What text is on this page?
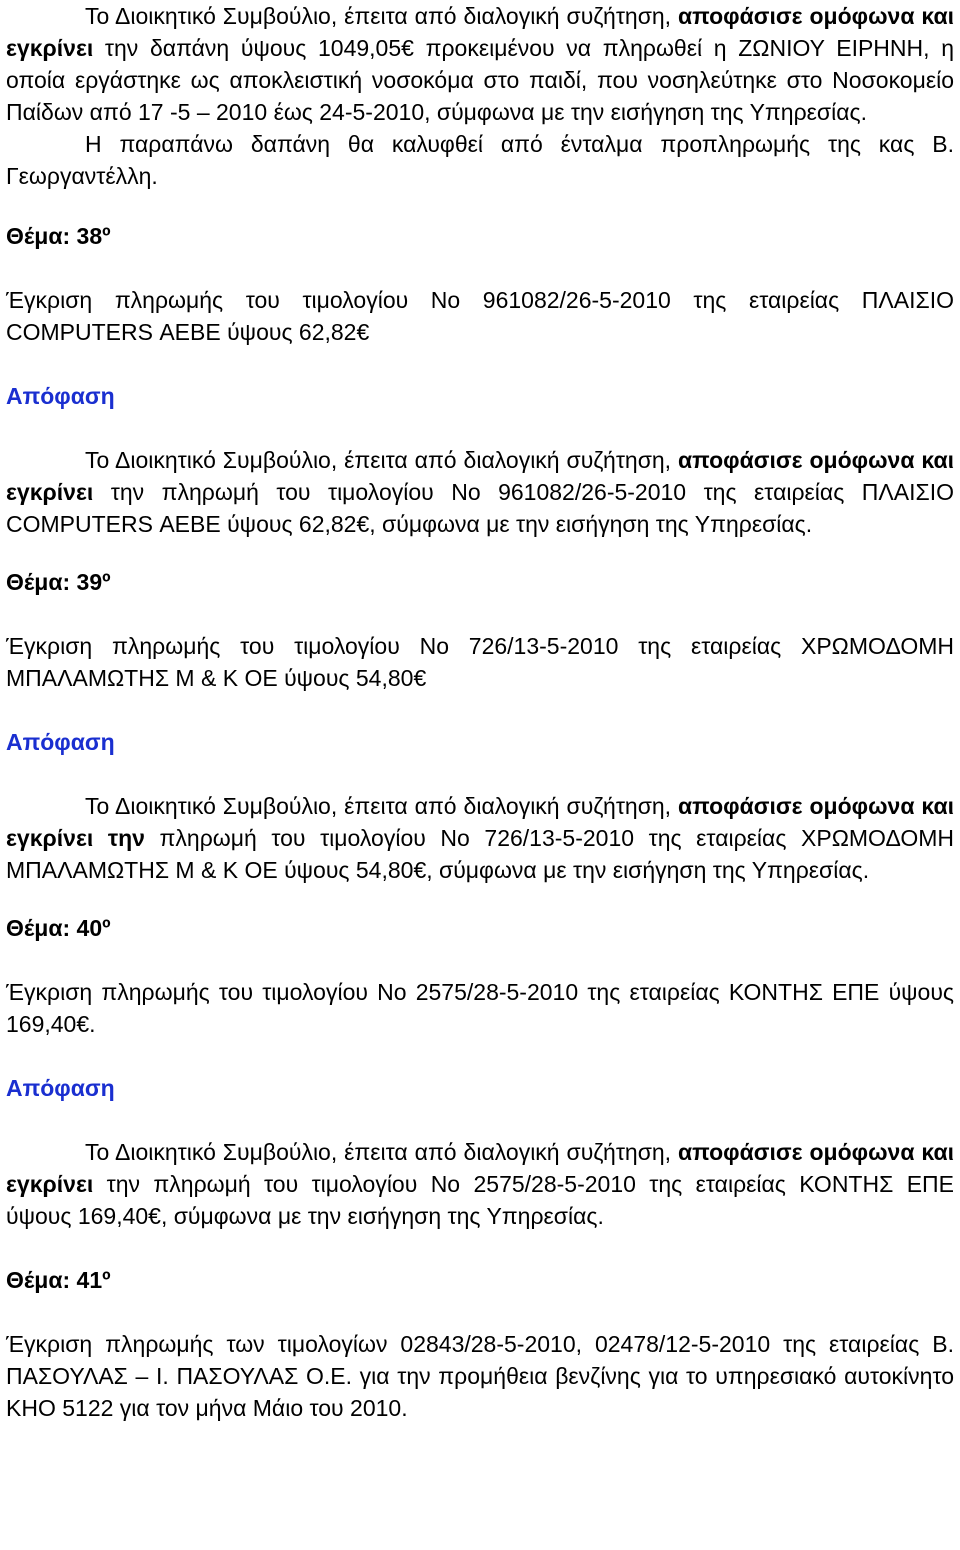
Το Διοικητικό Συμβούλιο, έπειτα από διαλογική συζήτηση, αποφάσισε ομόφωνα και εγκρίνει την δαπάνη ύψους 1049,05€ προκειμένου να πληρωθεί η ΖΩΝΙΟΥ ΕΙΡΗΝΗ, η οποία εργάστηκε ως αποκλειστική νοσοκόμα στο παιδί, που νοσηλεύτηκε στο Νοσοκομείο Παίδων από 17 -5 – 2010 έως 24-5-2010, σύμφωνα με την εισήγηση της Υπηρεσίας.

Η παραπάνω δαπάνη θα καλυφθεί από ένταλμα προπληρωμής της κας Β. Γεωργαντέλλη.

Θέμα: 38º

Έγκριση πληρωμής του τιμολογίου Νο 961082/26-5-2010 της εταιρείας ΠΛΑΙΣΙΟ COMPUTERS ΑΕΒΕ ύψους 62,82€

Απόφαση

Το Διοικητικό Συμβούλιο, έπειτα από διαλογική συζήτηση, αποφάσισε ομόφωνα και εγκρίνει την πληρωμή του τιμολογίου Νο 961082/26-5-2010 της εταιρείας ΠΛΑΙΣΙΟ COMPUTERS ΑΕΒΕ ύψους 62,82€, σύμφωνα με την εισήγηση της Υπηρεσίας.

Θέμα: 39º

Έγκριση πληρωμής του τιμολογίου Νο 726/13-5-2010 της εταιρείας ΧΡΩΜΟΔΟΜΗ ΜΠΑΛΑΜΩΤΗΣ Μ & Κ ΟΕ ύψους 54,80€

Απόφαση

Το Διοικητικό Συμβούλιο, έπειτα από διαλογική συζήτηση, αποφάσισε ομόφωνα και εγκρίνει την πληρωμή του τιμολογίου Νο 726/13-5-2010 της εταιρείας ΧΡΩΜΟΔΟΜΗ ΜΠΑΛΑΜΩΤΗΣ Μ & Κ ΟΕ ύψους 54,80€, σύμφωνα με την εισήγηση της Υπηρεσίας.

Θέμα: 40º

Έγκριση πληρωμής του τιμολογίου Νο 2575/28-5-2010 της εταιρείας ΚΟΝΤΗΣ ΕΠΕ ύψους 169,40€.

Απόφαση

Το Διοικητικό Συμβούλιο, έπειτα από διαλογική συζήτηση, αποφάσισε ομόφωνα και εγκρίνει την πληρωμή του τιμολογίου Νο 2575/28-5-2010 της εταιρείας ΚΟΝΤΗΣ ΕΠΕ ύψους 169,40€, σύμφωνα με την εισήγηση της Υπηρεσίας.

Θέμα: 41º

Έγκριση πληρωμής των τιμολογίων 02843/28-5-2010, 02478/12-5-2010 της εταιρείας Β. ΠΑΣΟΥΛΑΣ – Ι. ΠΑΣΟΥΛΑΣ Ο.Ε. για την προμήθεια βενζίνης για το υπηρεσιακό αυτοκίνητο ΚΗΟ 5122 για τον μήνα Μάιο του 2010.
